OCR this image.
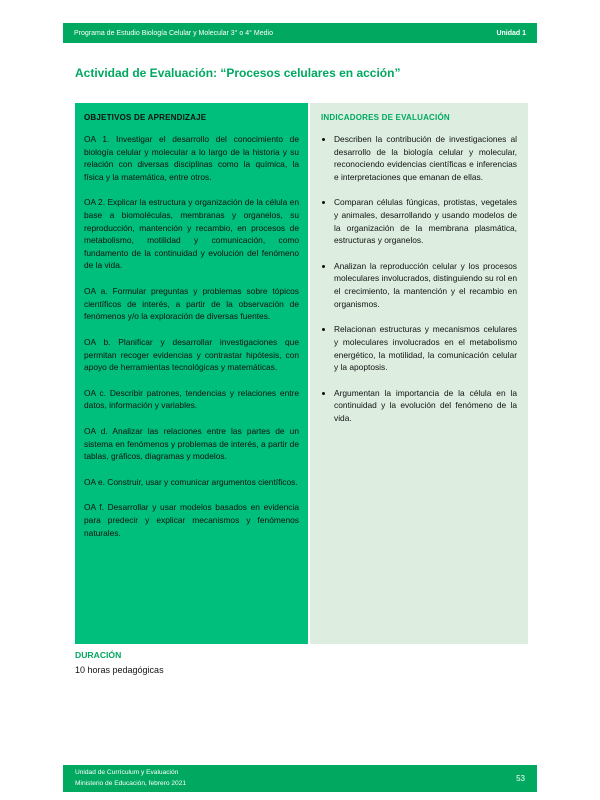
Programa de Estudio Biología Celular y Molecular 3° o 4° Medio	Unidad 1
Actividad de Evaluación: “Procesos celulares en acción”
OBJETIVOS DE APRENDIZAJE

OA 1. Investigar el desarrollo del conocimiento de biología celular y molecular a lo largo de la historia y su relación con diversas disciplinas como la química, la física y la matemática, entre otros.

OA 2. Explicar la estructura y organización de la célula en base a biomoléculas, membranas y organelos, su reproducción, mantención y recambio, en procesos de metabolismo, motilidad y comunicación, como fundamento de la continuidad y evolución del fenómeno de la vida.

OA a. Formular preguntas y problemas sobre tópicos científicos de interés, a partir de la observación de fenómenos y/o la exploración de diversas fuentes.

OA b. Planificar y desarrollar investigaciones que permitan recoger evidencias y contrastar hipótesis, con apoyo de herramientas tecnológicas y matemáticas.

OA c. Describir patrones, tendencias y relaciones entre datos, información y variables.

OA d. Analizar las relaciones entre las partes de un sistema en fenómenos y problemas de interés, a partir de tablas, gráficos, diagramas y modelos.

OA e. Construir, usar y comunicar argumentos científicos.

OA f. Desarrollar y usar modelos basados en evidencia para predecir y explicar mecanismos y fenómenos naturales.

INDICADORES DE EVALUACIÓN
• Describen la contribución de investigaciones al desarrollo de la biología celular y molecular, reconociendo evidencias científicas e inferencias e interpretaciones que emanan de ellas.
• Comparan células fúngicas, protistas, vegetales y animales, desarrollando y usando modelos de la organización de la membrana plasmática, estructuras y organelos.
• Analizan la reproducción celular y los procesos moleculares involucrados, distinguiendo su rol en el crecimiento, la mantención y el recambio en organismos.
• Relacionan estructuras y mecanismos celulares y moleculares involucrados en el metabolismo energético, la motilidad, la comunicación celular y la apoptosis.
• Argumentan la importancia de la célula en la continuidad y la evolución del fenómeno de la vida.
DURACIÓN
10 horas pedagógicas
Unidad de Currículum y Evaluación
Ministerio de Educación, febrero 2021	53
